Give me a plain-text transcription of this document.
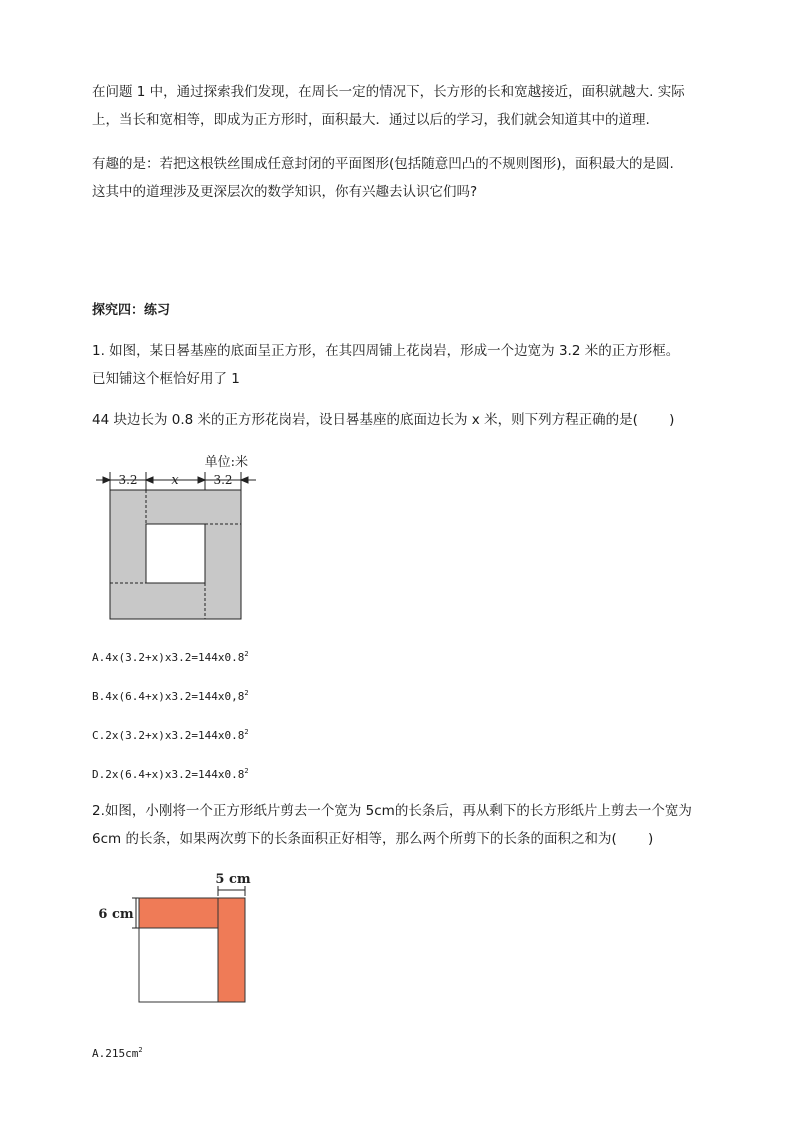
在问题 1 中，通过探索我们发现，在周长一定的情况下，长方形的长和宽越接近，面积就越大. 实际
上，当长和宽相等，即成为正方形时，面积最大．通过以后的学习，我们就会知道其中的道理.
有趣的是：若把这根铁丝围成任意封闭的平面图形(包括随意凹凸的不规则图形)，面积最大的是圆.
这其中的道理涉及更深层次的数学知识，你有兴趣去认识它们吗?

探究四：练习

1. 如图，某日晷基座的底面呈正方形，在其四周铺上花岗岩，形成一个边宽为 3.2 米的正方形框。
已知铺这个框恰好用了 1
44 块边长为 0.8 米的正方形花岗岩，设日晷基座的底面边长为 x 米，则下列方程正确的是(　　 )
单位:米
3.2	x	3.2

$A.4x(3.2+x)x3.2=144x0.8^2$

$B.4x(6.4+x)x3.2=144x0,8^2$

$C.2x(3.2+x)x3.2=144x0.8^2$

$D.2x(6.4+x)x3.2=144x0.8^2$

2.如图，小刚将一个正方形纸片剪去一个宽为 5cm的长条后，再从剩下的长方形纸片上剪去一个宽为
6cm 的长条，如果两次剪下的长条面积正好相等，那么两个所剪下的长条的面积之和为(　　 )
5 cm
6 cm

$A.215cm^2$
